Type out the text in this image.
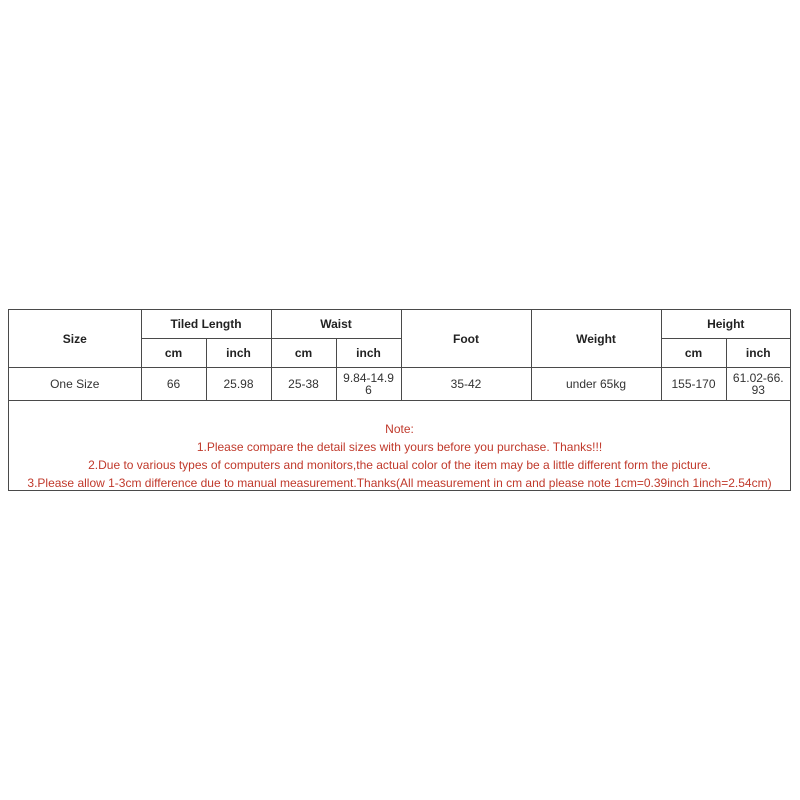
Size	Tiled Length		Waist		Foot	Weight	Height	
	cm	inch	cm	inch			cm	inch
One Size	66	25.98	25-38	9.84-14.96	35-42	under 65kg	155-170	61.02-66.93
Note:
1.Please compare the detail sizes with yours before you purchase. Thanks!!!
2.Due to various types of computers and monitors,the actual color of the item may be a little different form the picture.
3.Please allow 1-3cm difference due to manual measurement.Thanks(All measurement in cm and please note 1cm=0.39inch 1inch=2.54cm)
